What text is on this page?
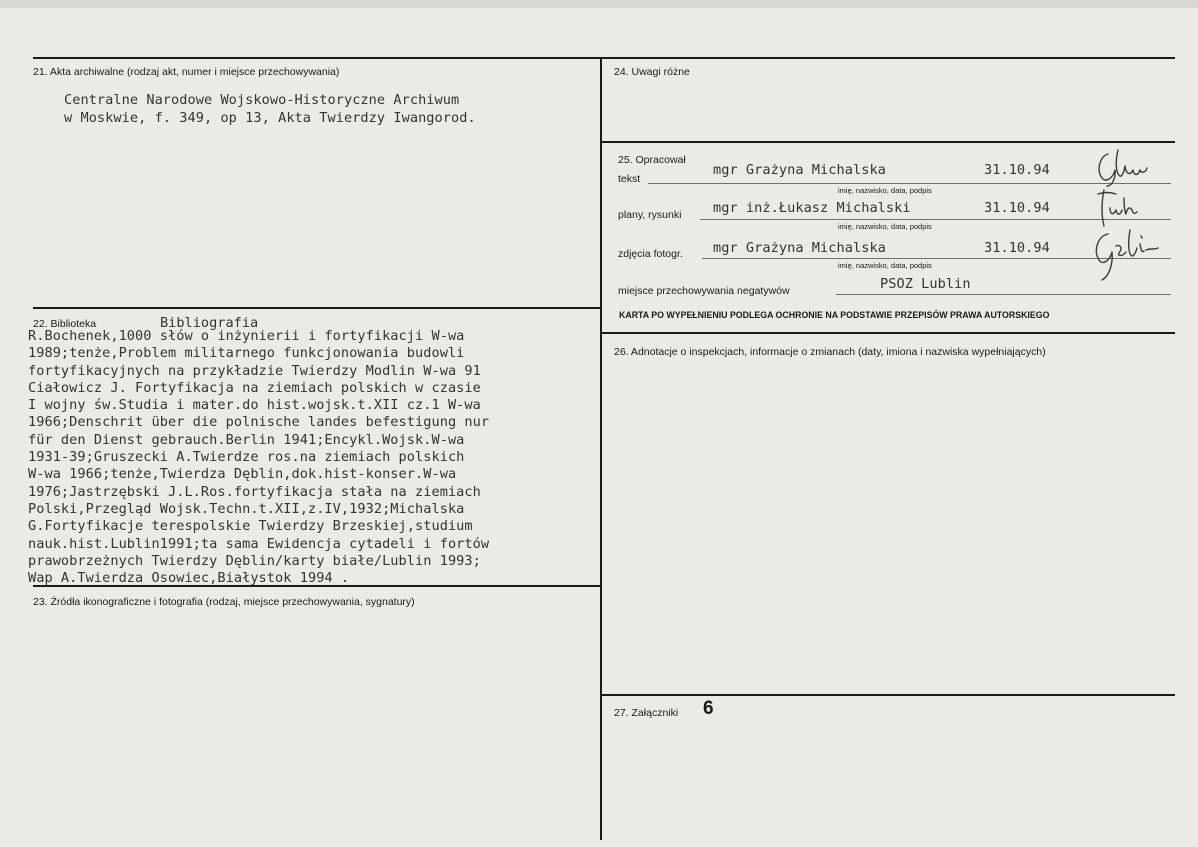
21. Akta archiwalne (rodzaj akt, numer i miejsce przechowywania)
Centralne Narodowe Wojskowo-Historyczne Archiwum
w Moskwie, f. 349, op 13, Akta Twierdzy Iwangorod.
22. Biblioteka	Bibliografia
R.Bochenek,1000 słów o inżynierii i fortyfikacji W-wa
1989;tenże,Problem militarnego funkcjonowania budowli
fortyfikacyjnych na przykładzie Twierdzy Modlin W-wa 91
Ciałowicz J. Fortyfikacja na ziemiach polskich w czasie
I wojny św.Studia i mater.do hist.wojsk.t.XII cz.1 W-wa
1966;Denschrit über die polnische landes befestigung nur
für den Dienst gebrauch.Berlin 1941;Encykl.Wojsk.W-wa
1931-39;Gruszecki A.Twierdze ros.na ziemiach polskich
W-wa 1966;tenże,Twierdza Dęblin,dok.hist-konser.W-wa
1976;Jastrzębski J.L.Ros.fortyfikacja stała na ziemiach
Polski,Przegląd Wojsk.Techn.t.XII,z.IV,1932;Michalska
G.Fortyfikacje terespolskie Twierdzy Brzeskiej,studium
nauk.hist.Lublin1991;ta sama Ewidencja cytadeli i fortów
prawobrzeżnych Twierdzy Dęblin/karty białe/Lublin 1993;
Wap A.Twierdza Osowiec,Białystok 1994 .
23. Źródła ikonograficzne i fotografia (rodzaj, miejsce przechowywania, sygnatury)
24. Uwagi różne
25. Opracował
tekst
mgr Grażyna Michalska	31.10.94
imię, nazwisko, data, podpis
plany, rysunki mgr inż.Łukasz Michalski	31.10.94
imię, nazwisko, data, podpis
zdjęcia fotogr. mgr Grażyna Michalska	31.10.94
imię, nazwisko, data, podpis
miejsce przechowywania negatywów	PSOZ Lublin
KARTA PO WYPEŁNIENIU PODLEGA OCHRONIE NA PODSTAWIE PRZEPISÓW PRAWA AUTORSKIEGO
26. Adnotacje o inspekcjach, informacje o zmianach (daty, imiona i nazwiska wypełniających)
27. Załączniki 6
